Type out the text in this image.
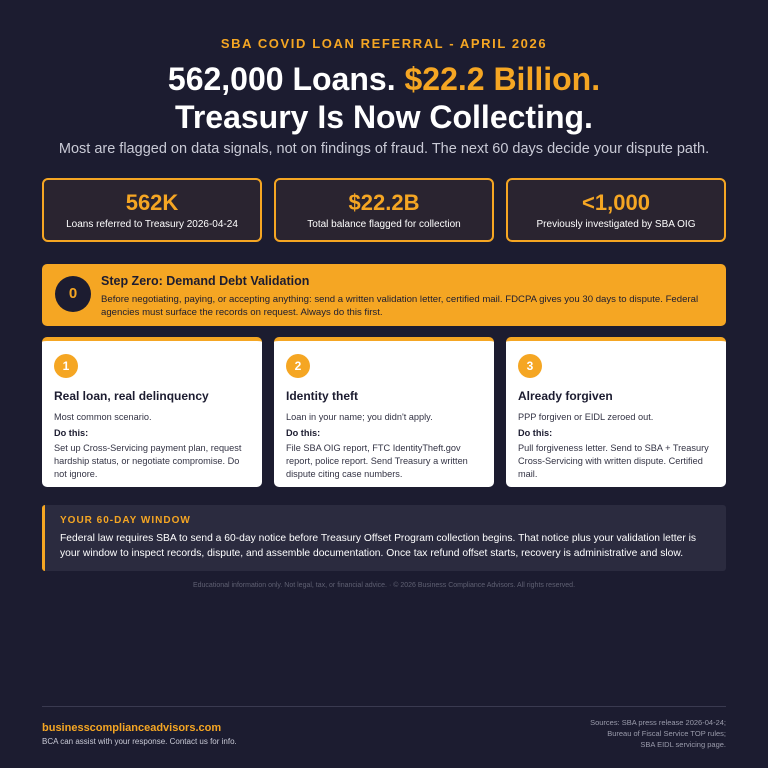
SBA COVID LOAN REFERRAL - APRIL 2026
562,000 Loans. $22.2 Billion.
Treasury Is Now Collecting.
Most are flagged on data signals, not on findings of fraud. The next 60 days decide your dispute path.
562K
Loans referred to Treasury 2026-04-24
$22.2B
Total balance flagged for collection
<1,000
Previously investigated by SBA OIG
0
Step Zero: Demand Debt Validation
Before negotiating, paying, or accepting anything: send a written validation letter, certified mail. FDCPA gives you 30 days to dispute. Federal agencies must surface the records on request. Always do this first.
1
Real loan, real delinquency
Most common scenario.
Do this:
Set up Cross-Servicing payment plan, request hardship status, or negotiate compromise. Do not ignore.
2
Identity theft
Loan in your name; you didn't apply.
Do this:
File SBA OIG report, FTC IdentityTheft.gov report, police report. Send Treasury a written dispute citing case numbers.
3
Already forgiven
PPP forgiven or EIDL zeroed out.
Do this:
Pull forgiveness letter. Send to SBA + Treasury Cross-Servicing with written dispute. Certified mail.
YOUR 60-DAY WINDOW
Federal law requires SBA to send a 60-day notice before Treasury Offset Program collection begins. That notice plus your validation letter is your window to inspect records, dispute, and assemble documentation. Once tax refund offset starts, recovery is administrative and slow.
Educational information only. Not legal, tax, or financial advice. · © 2026 Business Compliance Advisors. All rights reserved.
businesscomplianceadvisors.com
BCA can assist with your response. Contact us for info.
Sources: SBA press release 2026-04-24;
Bureau of Fiscal Service TOP rules;
SBA EIDL servicing page.
